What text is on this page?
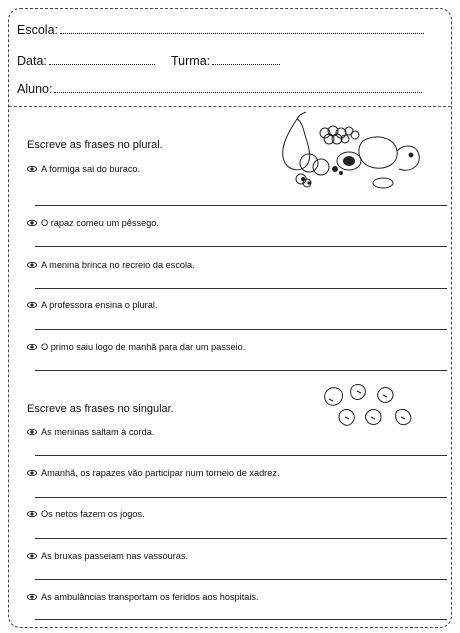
Escola:
Data:	Turma:
Aluno:
Escreve as frases no plural.
A formiga sai do buraco.
O rapaz comeu um pêssego.
A menina brinca no recreio da escola.
A professora ensina o plural.
O primo saiu logo de manhã para dar um passeio.
Escreve as frases no singular.
As meninas saltam à corda.
Amanhã, os rapazes vão participar num torneio de xadrez.
Os netos fazem os jogos.
As bruxas passeiam nas vassouras.
As ambulâncias transportam os feridos aos hospitais.
